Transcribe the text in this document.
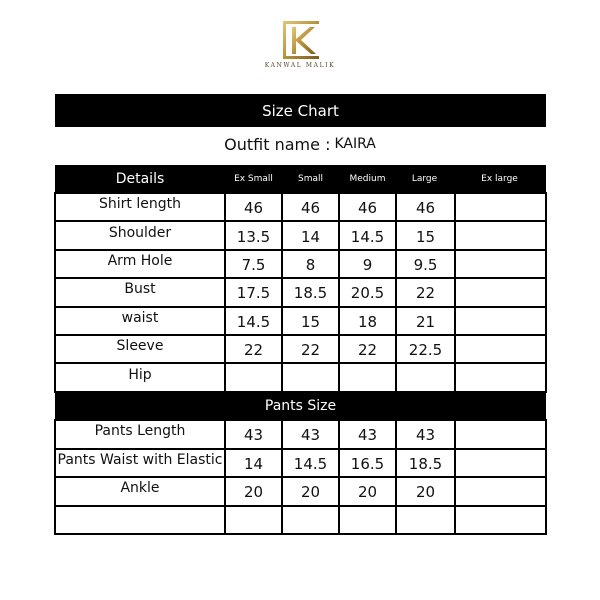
KANWAL MALIK
Size Chart
Outfit name : KAIRA
Details	Ex Small	Small	Medium	Large	Ex large
Shirt length	46	46	46	46
Shoulder	13.5	14	14.5	15
Arm Hole	7.5	8	9	9.5
Bust	17.5	18.5	20.5	22
waist	14.5	15	18	21
Sleeve	22	22	22	22.5
Hip
Pants Size
Pants Length	43	43	43	43
Pants Waist with Elastic	14	14.5	16.5	18.5
Ankle	20	20	20	20
